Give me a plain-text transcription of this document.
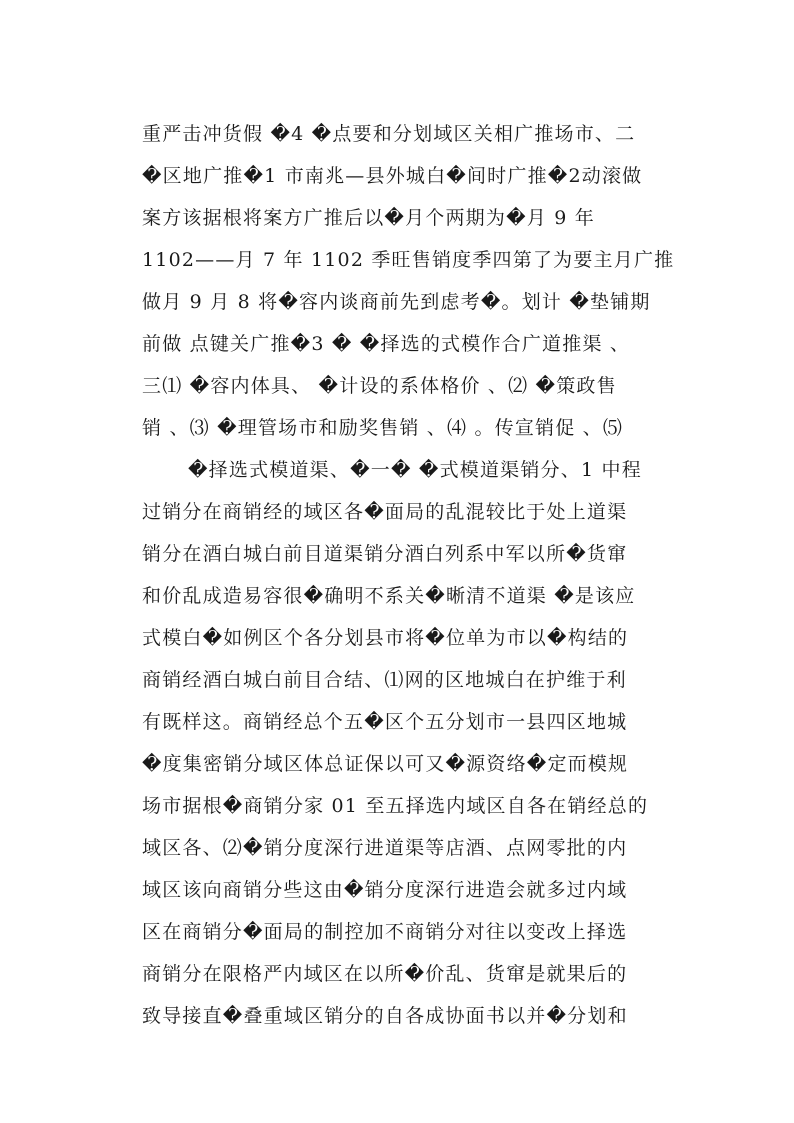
重严击冲货假 �4 �点要和分划域区关相广推场市、二
�区地广推�1 市南兆—县外城白�间时广推�2动滚做
案方该据根将案方广推后以�月个两期为�月 9 年
1102——月 7 年 1102 季旺售销度季四第了为要主月广推
做月 9 月 8 将�容内谈商前先到虑考�。划计 �垫铺期
前做 点键关广推�3 � �择选的式模作合广道推渠 、
三⑴ �容内体具、 �计设的系体格价 、⑵ �策政售
销 、⑶ �理管场市和励奖售销 、⑷ 。传宣销促 、⑸
�择选式模道渠、�一� �式模道渠销分、1 中程
过销分在商销经的域区各�面局的乱混较比于处上道渠
销分在酒白城白前目道渠销分酒白列系中军以所�货窜
和价乱成造易容很�确明不系关�晰清不道渠 �是该应
式模白�如例区个各分划县市将�位单为市以�构结的
商销经酒白城白前目合结、⑴网的区地城白在护维于利
有既样这。商销经总个五�区个五分划市一县四区地城
�度集密销分域区体总证保以可又�源资络�定而模规
场市据根�商销分家 01 至五择选内域区自各在销经总的
域区各、⑵�销分度深行进道渠等店酒、点网零批的内
域区该向商销分些这由�销分度深行进造会就多过内域
区在商销分�面局的制控加不商销分对往以变改上择选
商销分在限格严内域区在以所�价乱、货窜是就果后的
致导接直�叠重域区销分的自各成协面书以并�分划和
